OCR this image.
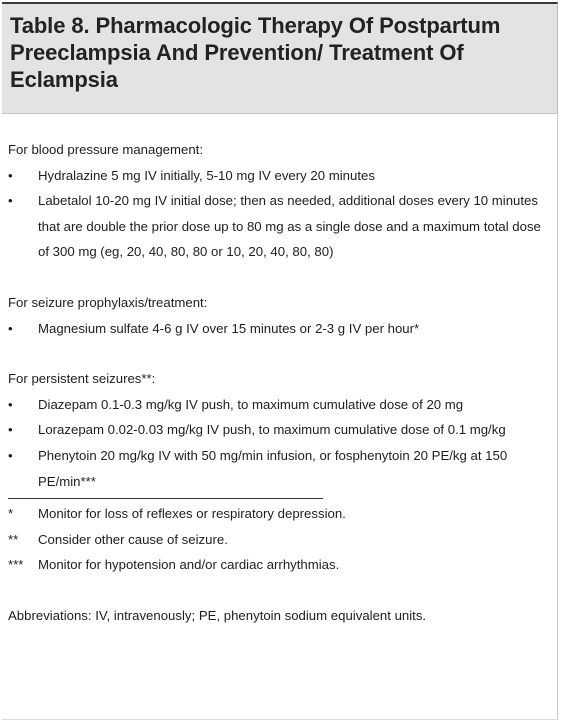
Table 8. Pharmacologic Therapy Of Postpartum Preeclampsia And Prevention/ Treatment Of Eclampsia

For blood pressure management:

•	Hydralazine 5 mg IV initially, 5-10 mg IV every 20 minutes
•	Labetalol 10-20 mg IV initial dose; then as needed, additional doses every 10 minutes that are double the prior dose up to 80 mg as a single dose and a maximum total dose of 300 mg (eg, 20, 40, 80, 80 or 10, 20, 40, 80, 80)

For seizure prophylaxis/treatment:

•	Magnesium sulfate 4-6 g IV over 15 minutes or 2-3 g IV per hour*

For persistent seizures**:

•	Diazepam 0.1-0.3 mg/kg IV push, to maximum cumulative dose of 20 mg
•	Lorazepam 0.02-0.03 mg/kg IV push, to maximum cumulative dose of 0.1 mg/kg
•	Phenytoin 20 mg/kg IV with 50 mg/min infusion, or fosphenytoin 20 PE/kg at 150 PE/min***
*	Monitor for loss of reflexes or respiratory depression.
**	Consider other cause of seizure.
***	Monitor for hypotension and/or cardiac arrhythmias.

Abbreviations: IV, intravenously; PE, phenytoin sodium equivalent units.
